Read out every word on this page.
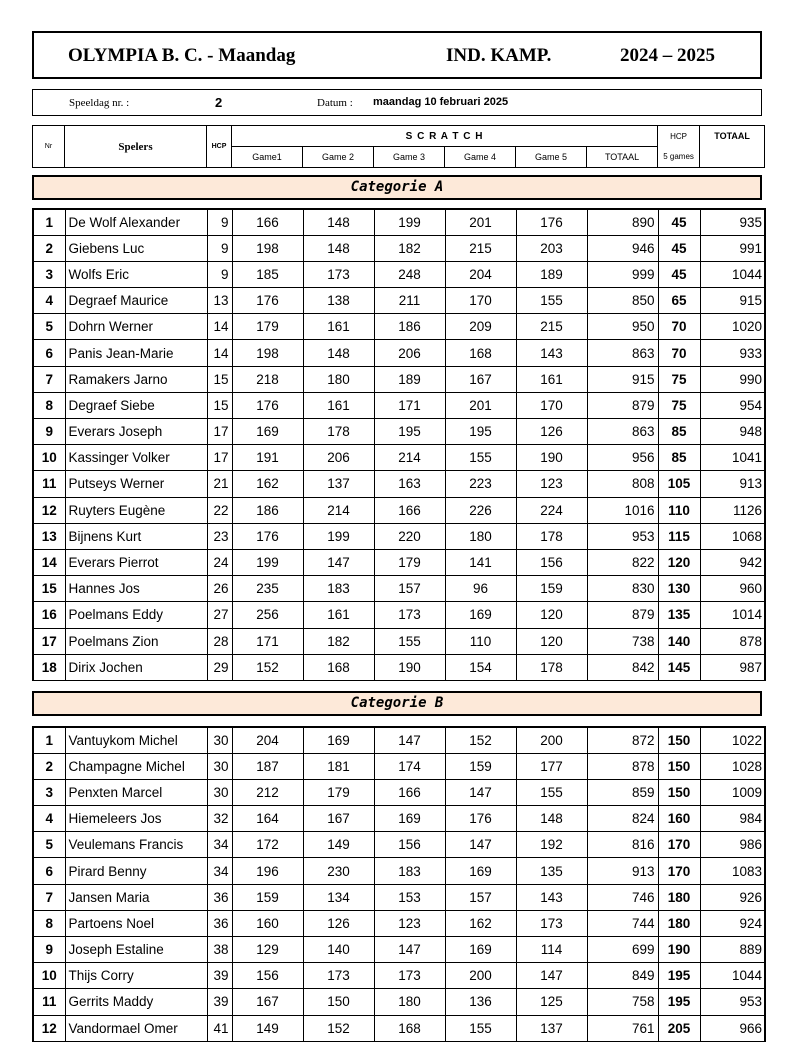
OLYMPIA B. C. - Maandag	IND. KAMP.	2024 – 2025
Speeldag nr. :	2	Datum : maandag 10 februari 2025
Nr	Spelers	HCP	S C R A T C H						HCP	TOTAAL
			Game1	Game 2	Game 3	Game 4	Game 5	TOTAAL	5 games	
Categorie A
1	De Wolf Alexander	9	166	148	199	201	176	890	45	935
2	Giebens Luc	9	198	148	182	215	203	946	45	991
3	Wolfs Eric	9	185	173	248	204	189	999	45	1044
4	Degraef Maurice	13	176	138	211	170	155	850	65	915
5	Dohrn Werner	14	179	161	186	209	215	950	70	1020
6	Panis Jean-Marie	14	198	148	206	168	143	863	70	933
7	Ramakers Jarno	15	218	180	189	167	161	915	75	990
8	Degraef Siebe	15	176	161	171	201	170	879	75	954
9	Everars Joseph	17	169	178	195	195	126	863	85	948
10	Kassinger Volker	17	191	206	214	155	190	956	85	1041
11	Putseys Werner	21	162	137	163	223	123	808	105	913
12	Ruyters Eugène	22	186	214	166	226	224	1016	110	1126
13	Bijnens Kurt	23	176	199	220	180	178	953	115	1068
14	Everars Pierrot	24	199	147	179	141	156	822	120	942
15	Hannes Jos	26	235	183	157	96	159	830	130	960
16	Poelmans Eddy	27	256	161	173	169	120	879	135	1014
17	Poelmans Zion	28	171	182	155	110	120	738	140	878
18	Dirix Jochen	29	152	168	190	154	178	842	145	987
Categorie B
1	Vantuykom Michel	30	204	169	147	152	200	872	150	1022
2	Champagne Michel	30	187	181	174	159	177	878	150	1028
3	Penxten Marcel	30	212	179	166	147	155	859	150	1009
4	Hiemeleers Jos	32	164	167	169	176	148	824	160	984
5	Veulemans Francis	34	172	149	156	147	192	816	170	986
6	Pirard Benny	34	196	230	183	169	135	913	170	1083
7	Jansen Maria	36	159	134	153	157	143	746	180	926
8	Partoens Noel	36	160	126	123	162	173	744	180	924
9	Joseph Estaline	38	129	140	147	169	114	699	190	889
10	Thijs Corry	39	156	173	173	200	147	849	195	1044
11	Gerrits Maddy	39	167	150	180	136	125	758	195	953
12	Vandormael Omer	41	149	152	168	155	137	761	205	966
